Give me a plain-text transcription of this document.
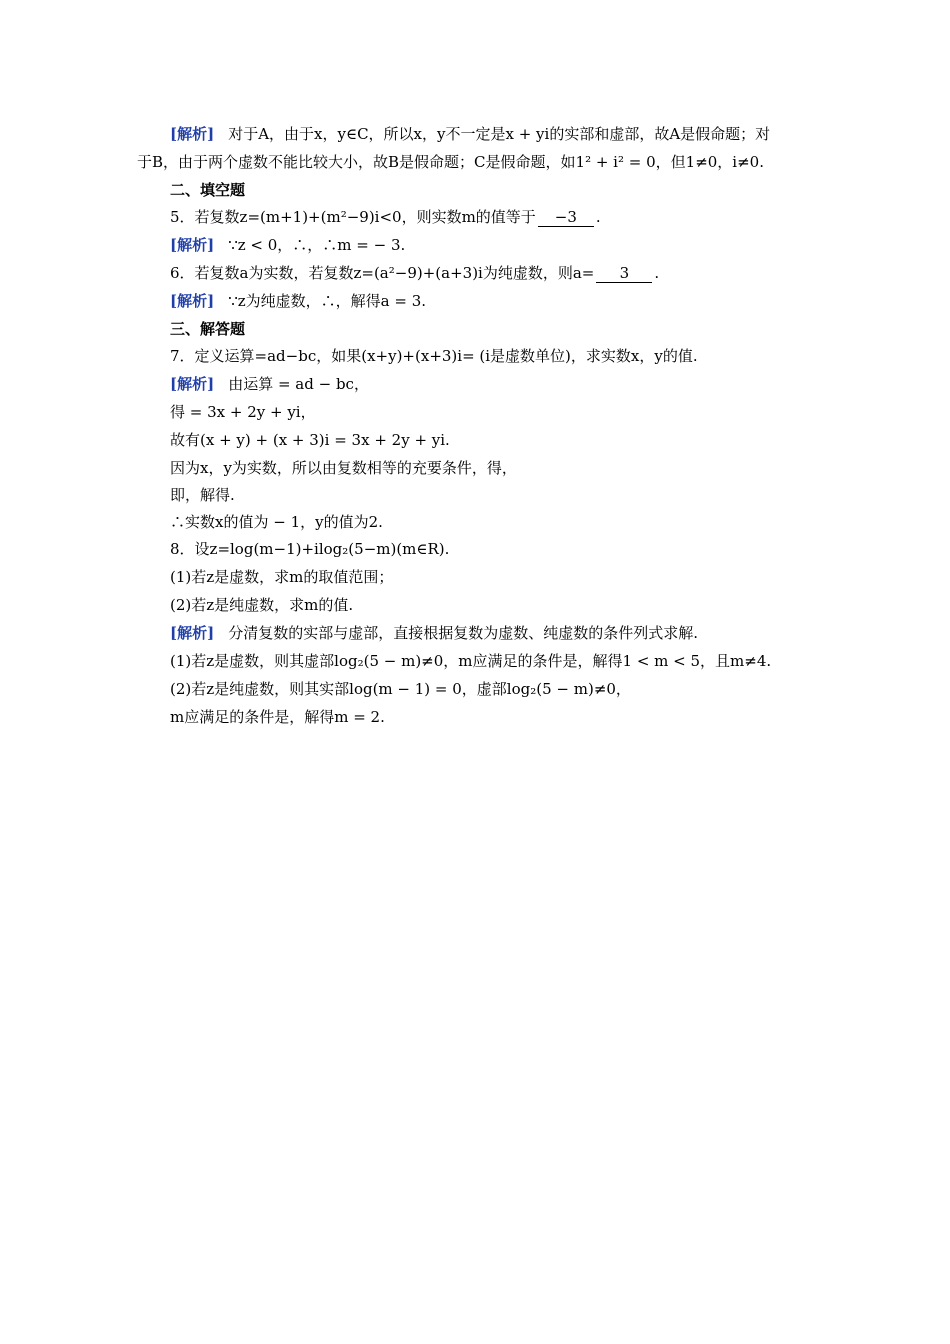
[解析] 对于A，由于x，y∈C，所以x，y不一定是x + yi的实部和虚部，故A是假命题；对
于B，由于两个虚数不能比较大小，故B是假命题；C是假命题，如1² + i² = 0，但1≠0，i≠0.
二、填空题
5．若复数z=(m+1)+(m²−9)i<0，则实数m的值等于 −3 .
[解析] ∵z < 0，∴，∴m = − 3.
6．若复数a为实数，若复数z=(a²−9)+(a+3)i为纯虚数，则a= 3 .
[解析] ∵z为纯虚数，∴，解得a = 3.
三、解答题
7．定义运算=ad−bc，如果(x+y)+(x+3)i= (i是虚数单位)，求实数x，y的值.
[解析] 由运算 = ad − bc，
得 = 3x + 2y + yi，
故有(x + y) + (x + 3)i = 3x + 2y + yi.
因为x，y为实数，所以由复数相等的充要条件，得，
即，解得.
∴实数x的值为 − 1，y的值为2.
8．设z=log(m−1)+ilog₂(5−m)(m∈R).
(1)若z是虚数，求m的取值范围；
(2)若z是纯虚数，求m的值.
[解析] 分清复数的实部与虚部，直接根据复数为虚数、纯虚数的条件列式求解.
(1)若z是虚数，则其虚部log₂(5 − m)≠0，m应满足的条件是，解得1 < m < 5，且m≠4.
(2)若z是纯虚数，则其实部log(m − 1) = 0，虚部log₂(5 − m)≠0，
m应满足的条件是，解得m = 2.
